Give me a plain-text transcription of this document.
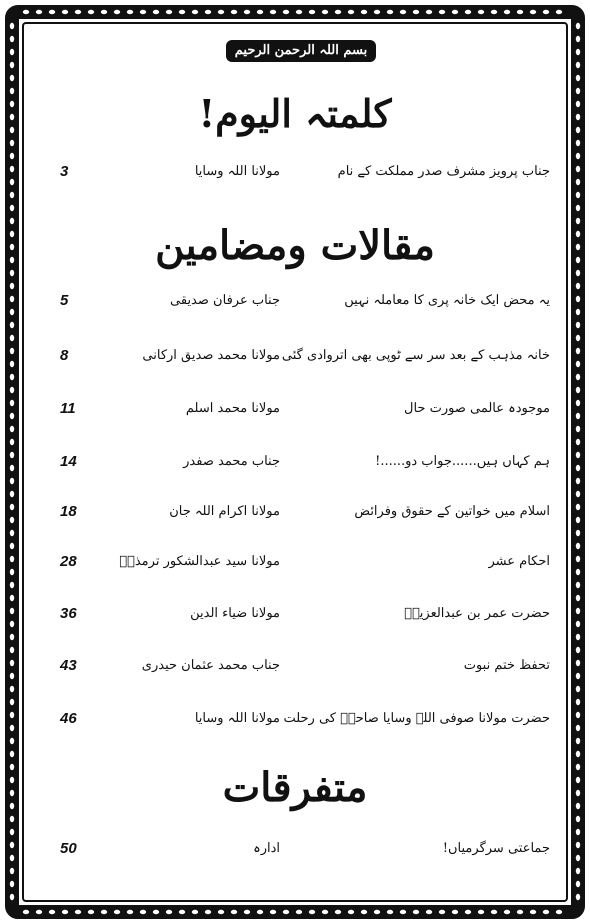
بسم اللہ الرحمن الرحیم
کلمتہ الیوم!
جناب پرویز مشرف صدر مملکت کے نام
مولانا اللہ وسایا
3
مقالات ومضامین
یہ محض ایک خانہ پری کا معاملہ نہیں
جناب عرفان صدیقی
5
خانہ مذہب کے بعد سر سے ٹوپی بھی اتروادی گئی
مولانا محمد صدیق ارکانی
8
موجودہ عالمی صورت حال
مولانا محمد اسلم
11
ہم کہاں ہیں......جواب دو......!
جناب محمد صفدر
14
اسلام میں خواتین کے حقوق وفرائض
مولانا اکرام اللہ جان
18
احکام عشر
مولانا سید عبدالشکور ترمذیؒ
28
حضرت عمر بن عبدالعزیزؒ
مولانا ضیاء الدین
36
تحفظ ختم نبوت
جناب محمد عثمان حیدری
43
حضرت مولانا صوفی اللہ وسایا صاحبؒ کی رحلت
مولانا اللہ وسایا
46
متفرقات
جماعتی سرگرمیاں!
ادارہ
50
